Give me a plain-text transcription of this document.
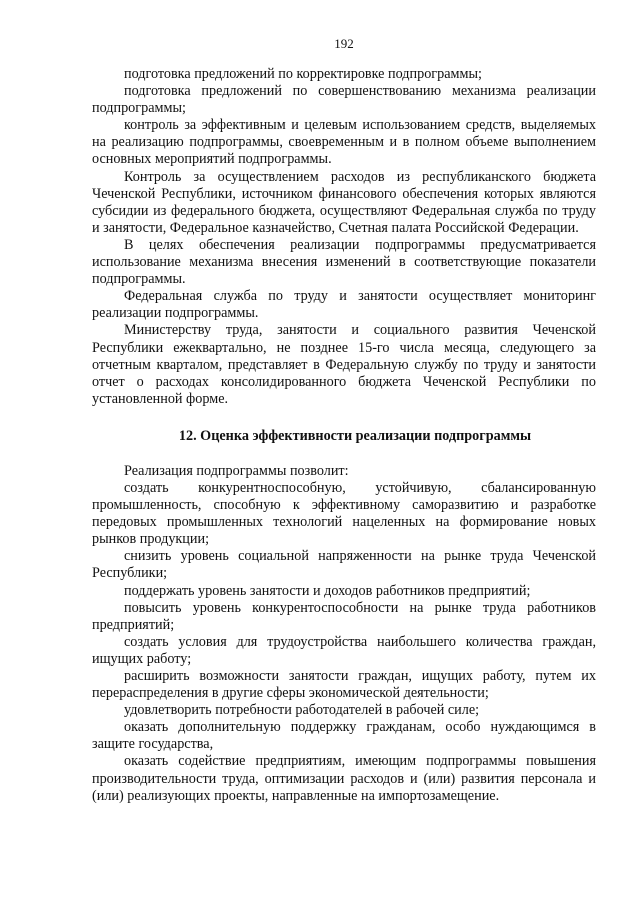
192

подготовка предложений по корректировке подпрограммы;

подготовка предложений по совершенствованию механизма реализации подпрограммы;

контроль за эффективным и целевым использованием средств, выделяемых на реализацию подпрограммы, своевременным и в полном объеме выполнением основных мероприятий подпрограммы.

Контроль за осуществлением расходов из республиканского бюджета Чеченской Республики, источником финансового обеспечения которых являются субсидии из федерального бюджета, осуществляют Федеральная служба по труду и занятости, Федеральное казначейство, Счетная палата Российской Федерации.

В целях обеспечения реализации подпрограммы предусматривается использование механизма внесения изменений в соответствующие показатели подпрограммы.

Федеральная служба по труду и занятости осуществляет мониторинг реализации подпрограммы.

Министерству труда, занятости и социального развития Чеченской Республики ежеквартально, не позднее 15-го числа месяца, следующего за отчетным кварталом, представляет в Федеральную службу по труду и занятости отчет о расходах консолидированного бюджета Чеченской Республики по установленной форме.

12. Оценка эффективности реализации подпрограммы

Реализация подпрограммы позволит:

создать конкурентноспособную, устойчивую, сбалансированную промышленность, способную к эффективному саморазвитию и разработке передовых промышленных технологий нацеленных на формирование новых рынков продукции;

снизить уровень социальной напряженности на рынке труда Чеченской Республики;

поддержать уровень занятости и доходов работников предприятий;

повысить уровень конкурентоспособности на рынке труда работников предприятий;

создать условия для трудоустройства наибольшего количества граждан, ищущих работу;

расширить возможности занятости граждан, ищущих работу, путем их перераспределения в другие сферы экономической деятельности;

удовлетворить потребности работодателей в рабочей силе;

оказать дополнительную поддержку гражданам, особо нуждающимся в защите государства,

оказать содействие предприятиям, имеющим подпрограммы повышения производительности труда, оптимизации расходов и (или) развития персонала и (или) реализующих проекты, направленные на импортозамещение.
